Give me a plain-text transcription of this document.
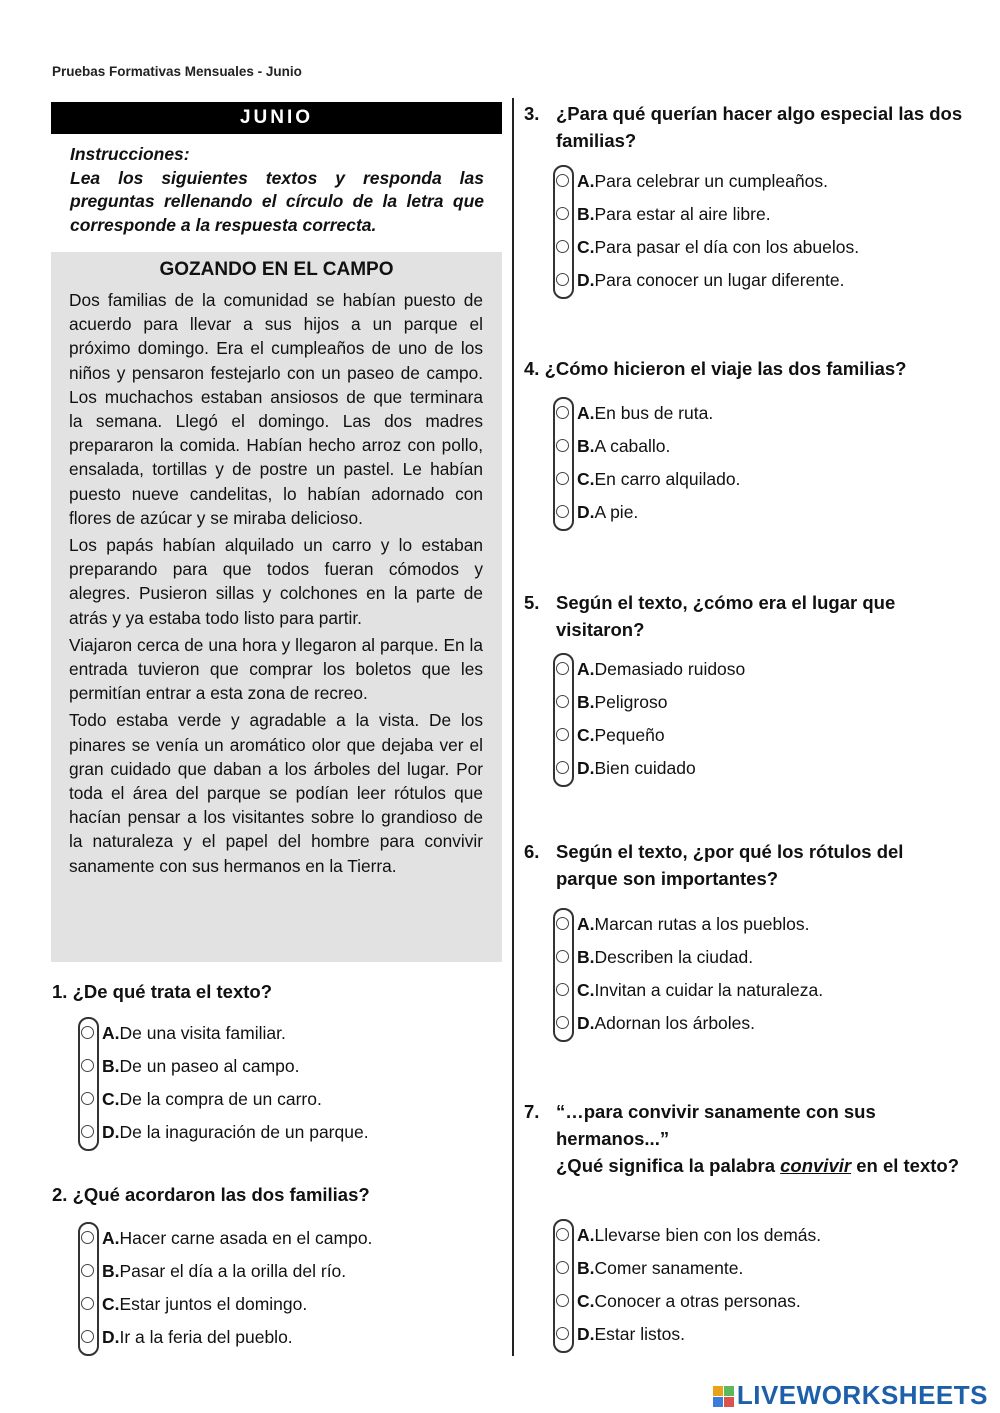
Pruebas Formativas Mensuales - Junio
JUNIO
Instrucciones:
Lea los siguientes textos y responda las preguntas rellenando el círculo de la letra que corresponde a la respuesta correcta.
GOZANDO EN EL CAMPO

Dos familias de la comunidad se habían puesto de acuerdo para llevar a sus hijos a un parque el próximo domingo. Era el cumpleaños de uno de los niños y pensaron festejarlo con un paseo de campo. Los muchachos estaban ansiosos de que terminara la semana. Llegó el domingo. Las dos madres prepararon la comida. Habían hecho arroz con pollo, ensalada, tortillas y de postre un pastel. Le habían puesto nueve candelitas, lo habían adornado con flores de azúcar y se miraba delicioso.

Los papás habían alquilado un carro y lo estaban preparando para que todos fueran cómodos y alegres. Pusieron sillas y colchones en la parte de atrás y ya estaba todo listo para partir.

Viajaron cerca de una hora y llegaron al parque. En la entrada tuvieron que comprar los boletos que les permitían entrar a esta zona de recreo.

Todo estaba verde y agradable a la vista. De los pinares se venía un aromático olor que dejaba ver el gran cuidado que daban a los árboles del lugar. Por toda el área del parque se podían leer rótulos que hacían pensar a los visitantes sobre lo grandioso de la naturaleza y el papel del hombre para convivir sanamente con sus hermanos en la Tierra.

1. ¿De qué trata el texto?
A.De una visita familiar.
B.De un paseo al campo.
C.De la compra de un carro.
D.De la inaguración de un parque.
2. ¿Qué acordaron las dos familias?
A.Hacer carne asada en el campo.
B.Pasar el día a la orilla del río.
C.Estar juntos el domingo.
D.Ir a la feria del pueblo.
3. ¿Para qué querían hacer algo especial las dos familias?
A.Para celebrar un cumpleaños.
B.Para estar al aire libre.
C.Para pasar el día con los abuelos.
D.Para conocer un lugar diferente.
4. ¿Cómo hicieron el viaje las dos familias?
A.En bus de ruta.
B.A caballo.
C.En carro alquilado.
D.A pie.
5. Según el texto, ¿cómo era el lugar que visitaron?
A.Demasiado ruidoso
B.Peligroso
C.Pequeño
D.Bien cuidado
6. Según el texto, ¿por qué los rótulos del parque son importantes?
A.Marcan rutas a los pueblos.
B.Describen la ciudad.
C.Invitan a cuidar la naturaleza.
D.Adornan los árboles.
7. “…para convivir sanamente con sus hermanos...”
¿Qué significa la palabra convivir en el texto?
A.Llevarse bien con los demás.
B.Comer sanamente.
C.Conocer a otras personas.
D.Estar listos.
LIVEWORKSHEETS
